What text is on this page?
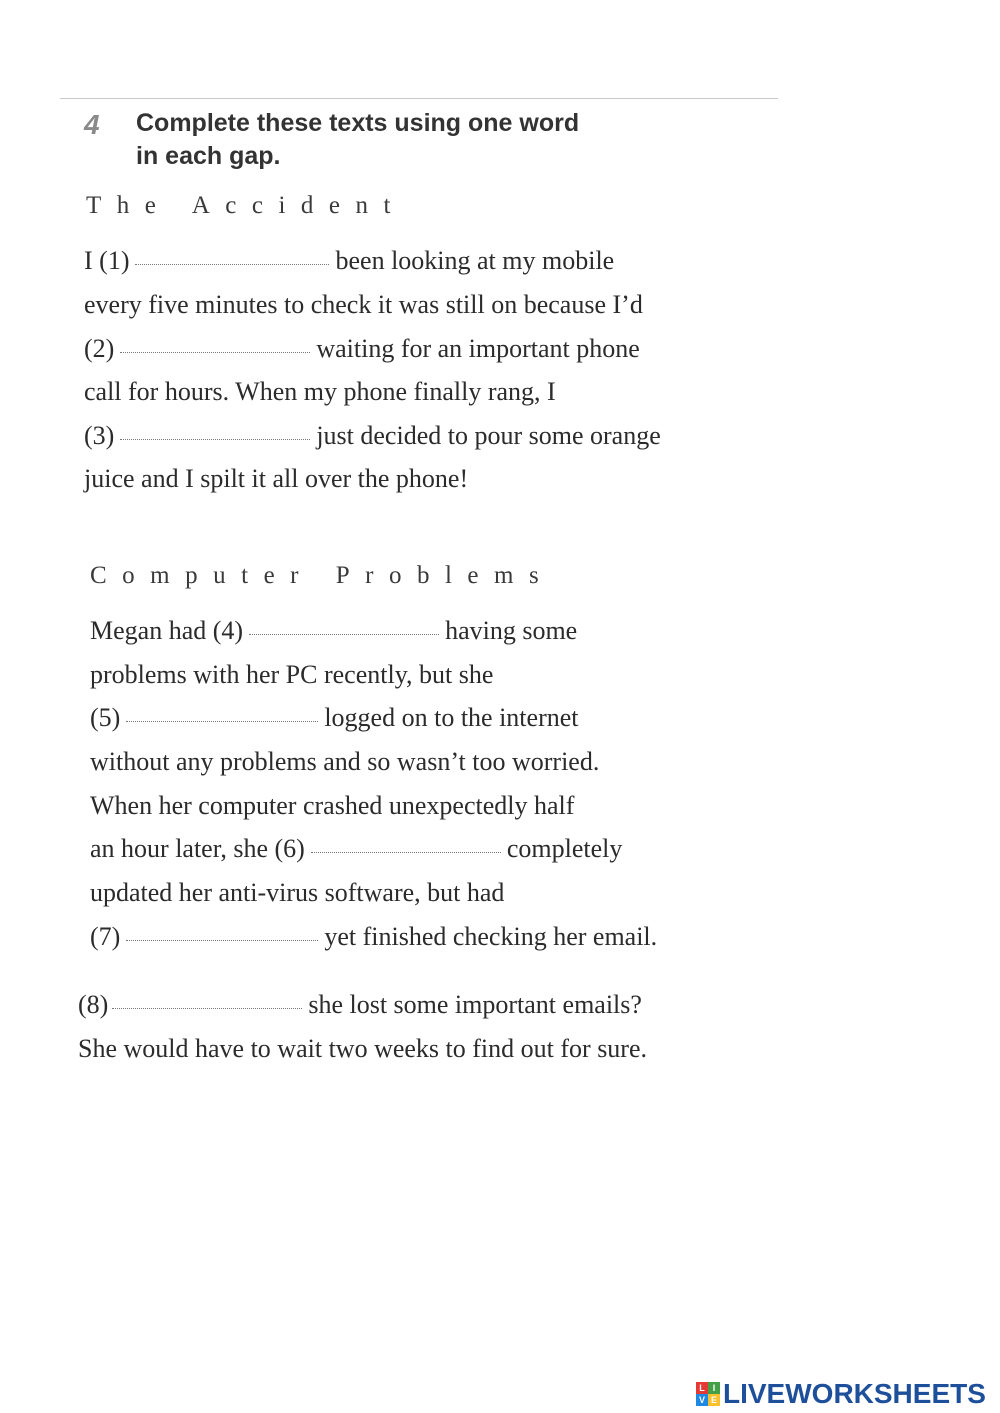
4	Complete these texts using one word
in each gap.
The Accident
I (1)	been looking at my mobile
every five minutes to check it was still on because I’d
(2)	waiting for an important phone
call for hours. When my phone finally rang, I
(3)	just decided to pour some orange
juice and I spilt it all over the phone!
Computer Problems
Megan had (4)	having some
problems with her PC recently, but she
(5)	logged on to the internet
without any problems and so wasn’t too worried.
When her computer crashed unexpectedly half
an hour later, she (6)	completely
updated her anti-virus software, but had
(7)	yet finished checking her email.
(8)	she lost some important emails?
She would have to wait two weeks to find out for sure.
L I
V E LIVEWORKSHEETS
